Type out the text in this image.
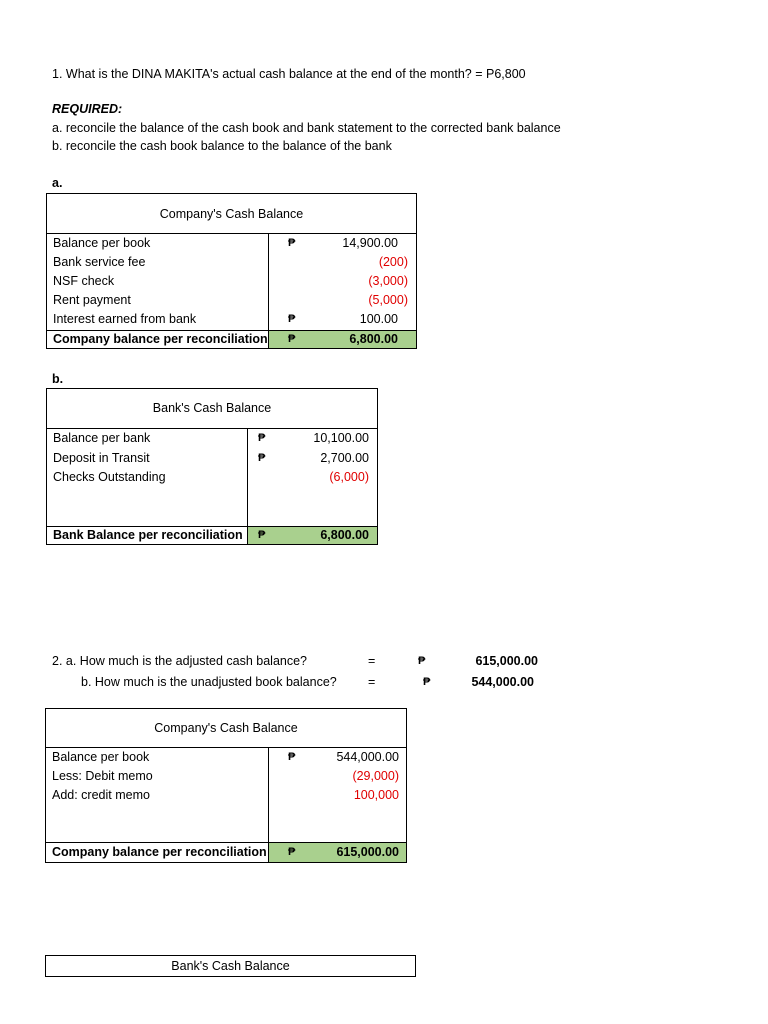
1. What is the DINA MAKITA's actual cash balance at the end of the month? = P6,800
REQUIRED:
a. reconcile the balance of the cash book and bank statement to the corrected bank balance
b. reconcile the cash book balance to the balance of the bank
a.
Company's Cash Balance
Balance per book	₱	14,900.00
Bank service fee	(200)
NSF check	(3,000)
Rent payment	(5,000)
Interest earned from bank	₱	100.00
Company balance per reconciliation ₱	6,800.00
b.
Bank's Cash Balance
Balance per bank	₱	10,100.00
Deposit in Transit	₱	2,700.00
Checks Outstanding	(6,000)
Bank Balance per reconciliation ₱	6,800.00
2. a. How much is the adjusted cash balance?	=	₱	615,000.00
b. How much is the unadjusted book balance?	=	₱	544,000.00
Company's Cash Balance
Balance per book	₱	544,000.00
Less: Debit memo	(29,000)
Add: credit memo	100,000
Company balance per reconciliation ₱	615,000.00
Bank's Cash Balance
